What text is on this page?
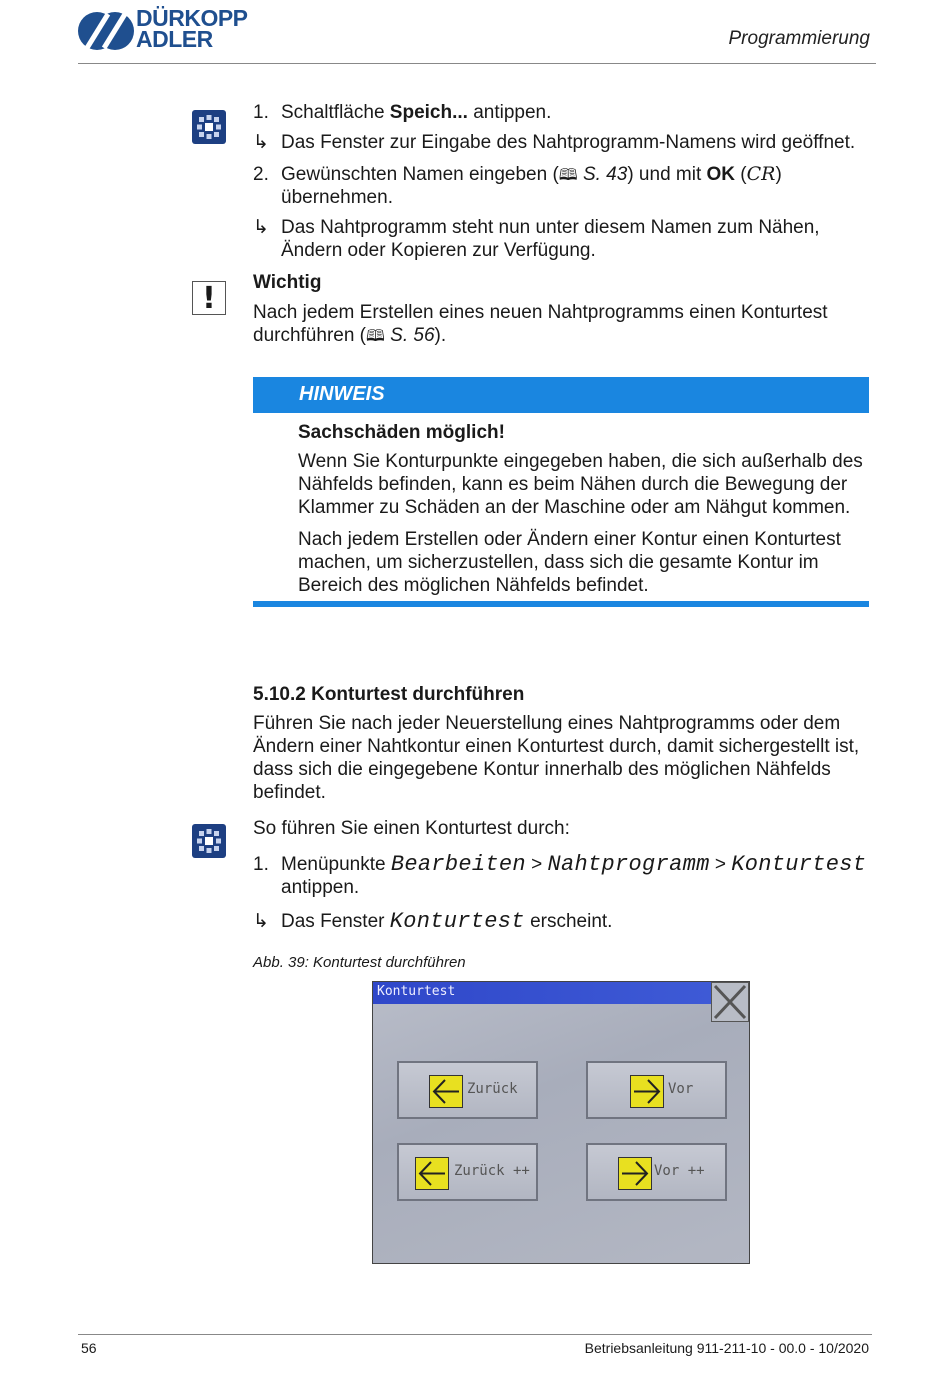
DÜRKOPP
ADLER	Programmierung
1. Schaltfläche Speich... antippen.
↳ Das Fenster zur Eingabe des Nahtprogramm-Namens wird geöffnet.
2. Gewünschten Namen eingeben (🕮 S. 43) und mit OK (CR)
übernehmen.
↳ Das Nahtprogramm steht nun unter diesem Namen zum Nähen,
Ändern oder Kopieren zur Verfügung.
!	Wichtig
Nach jedem Erstellen eines neuen Nahtprogramms einen Konturtest
durchführen (🕮 S. 56).
HINWEIS
Sachschäden möglich!
Wenn Sie Konturpunkte eingegeben haben, die sich außerhalb des
Nähfelds befinden, kann es beim Nähen durch die Bewegung der
Klammer zu Schäden an der Maschine oder am Nähgut kommen.
Nach jedem Erstellen oder Ändern einer Kontur einen Konturtest
machen, um sicherzustellen, dass sich die gesamte Kontur im
Bereich des möglichen Nähfelds befindet.
5.10.2 Konturtest durchführen
Führen Sie nach jeder Neuerstellung eines Nahtprogramms oder dem
Ändern einer Nahtkontur einen Konturtest durch, damit sichergestellt ist,
dass sich die eingegebene Kontur innerhalb des möglichen Nähfelds
befindet.
So führen Sie einen Konturtest durch:
1. Menüpunkte Bearbeiten > Nahtprogramm > Konturtest
antippen.
↳ Das Fenster Konturtest erscheint.
Abb. 39: Konturtest durchführen
Konturtest
Zurück	Vor
Zurück ++	Vor ++
56	Betriebsanleitung 911-211-10 - 00.0 - 10/2020
